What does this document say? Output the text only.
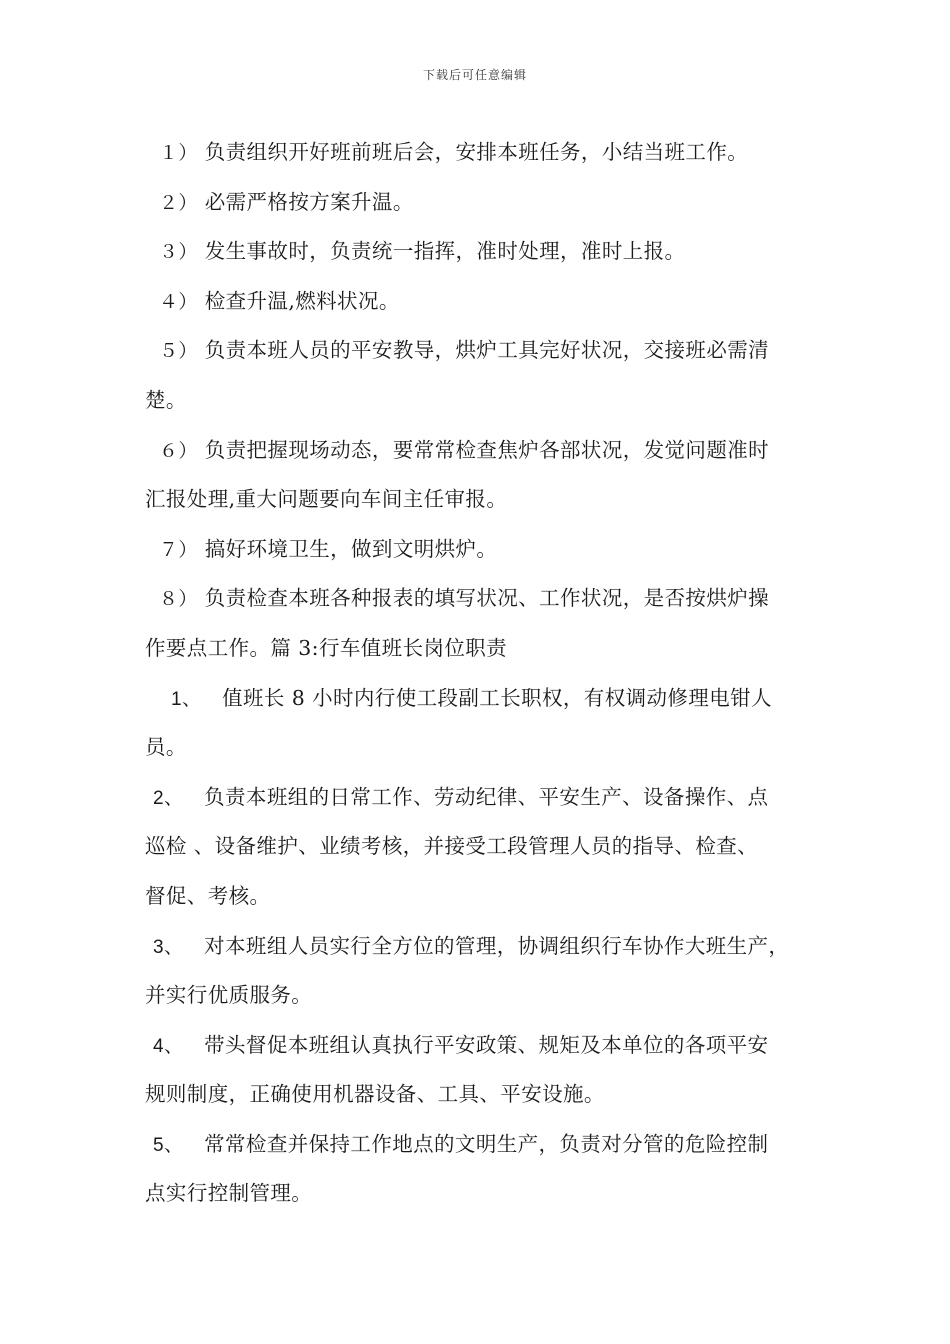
下载后可任意编辑
１） 负责组织开好班前班后会，安排本班任务，小结当班工作。
２） 必需严格按方案升温。
３） 发生事故时，负责统一指挥，准时处理，准时上报。
４） 检查升温,燃料状况。
５） 负责本班人员的平安教导，烘炉工具完好状况，交接班必需清
楚。
６） 负责把握现场动态，要常常检查焦炉各部状况，发觉问题准时
汇报处理,重大问题要向车间主任审报。
７） 搞好环境卫生，做到文明烘炉。
８） 负责检查本班各种报表的填写状况、工作状况，是否按烘炉操
作要点工作。篇 3:行车值班长岗位职责
1、 值班长 8 小时内行使工段副工长职权，有权调动修理电钳人
员。
2、 负责本班组的日常工作、劳动纪律、平安生产、设备操作、点
巡检 、设备维护、业绩考核，并接受工段管理人员的指导、检查、
督促、考核。
3、 对本班组人员实行全方位的管理，协调组织行车协作大班生产，
并实行优质服务。
4、 带头督促本班组认真执行平安政策、规矩及本单位的各项平安
规则制度，正确使用机器设备、工具、平安设施。
5、 常常检查并保持工作地点的文明生产，负责对分管的危险控制
点实行控制管理。
